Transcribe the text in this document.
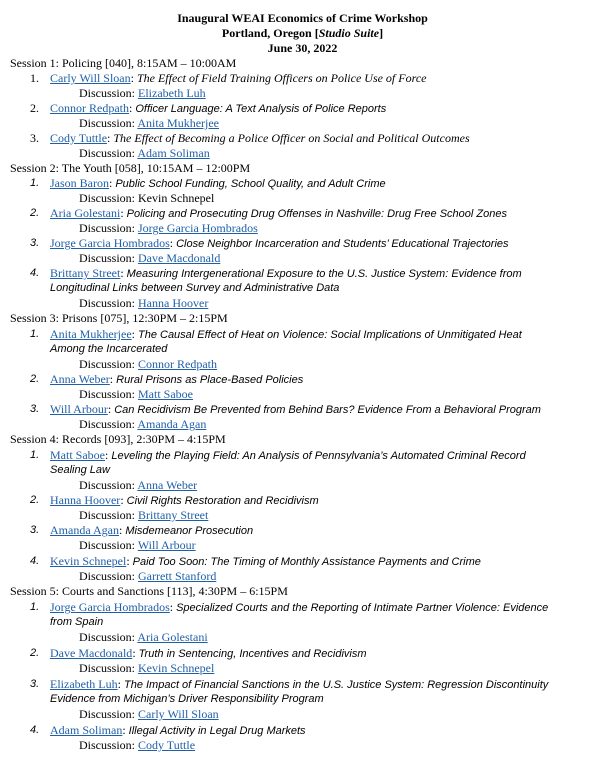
Inaugural WEAI Economics of Crime Workshop
Portland, Oregon [Studio Suite]
June 30, 2022
Session 1: Policing [040], 8:15AM – 10:00AM
1. Carly Will Sloan: The Effect of Field Training Officers on Police Use of Force
Discussion: Elizabeth Luh
2. Connor Redpath: Officer Language: A Text Analysis of Police Reports
Discussion: Anita Mukherjee
3. Cody Tuttle: The Effect of Becoming a Police Officer on Social and Political Outcomes
Discussion: Adam Soliman
Session 2: The Youth [058], 10:15AM – 12:00PM
1. Jason Baron: Public School Funding, School Quality, and Adult Crime
Discussion: Kevin Schnepel
2. Aria Golestani: Policing and Prosecuting Drug Offenses in Nashville: Drug Free School Zones
Discussion: Jorge Garcia Hombrados
3. Jorge Garcia Hombrados: Close Neighbor Incarceration and Students’ Educational Trajectories
Discussion: Dave Macdonald
4. Brittany Street: Measuring Intergenerational Exposure to the U.S. Justice System: Evidence from
Longitudinal Links between Survey and Administrative Data
Discussion: Hanna Hoover
Session 3: Prisons [075], 12:30PM – 2:15PM
1. Anita Mukherjee: The Causal Effect of Heat on Violence: Social Implications of Unmitigated Heat
Among the Incarcerated
Discussion: Connor Redpath
2. Anna Weber: Rural Prisons as Place-Based Policies
Discussion: Matt Saboe
3. Will Arbour: Can Recidivism Be Prevented from Behind Bars? Evidence From a Behavioral Program
Discussion: Amanda Agan
Session 4: Records [093], 2:30PM – 4:15PM
1. Matt Saboe: Leveling the Playing Field: An Analysis of Pennsylvania’s Automated Criminal Record
Sealing Law
Discussion: Anna Weber
2. Hanna Hoover: Civil Rights Restoration and Recidivism
Discussion: Brittany Street
3. Amanda Agan: Misdemeanor Prosecution
Discussion: Will Arbour
4. Kevin Schnepel: Paid Too Soon: The Timing of Monthly Assistance Payments and Crime
Discussion: Garrett Stanford
Session 5: Courts and Sanctions [113], 4:30PM – 6:15PM
1. Jorge Garcia Hombrados: Specialized Courts and the Reporting of Intimate Partner Violence: Evidence
from Spain
Discussion: Aria Golestani
2. Dave Macdonald: Truth in Sentencing, Incentives and Recidivism
Discussion: Kevin Schnepel
3. Elizabeth Luh: The Impact of Financial Sanctions in the U.S. Justice System: Regression Discontinuity
Evidence from Michigan’s Driver Responsibility Program
Discussion: Carly Will Sloan
4. Adam Soliman: Illegal Activity in Legal Drug Markets
Discussion: Cody Tuttle
